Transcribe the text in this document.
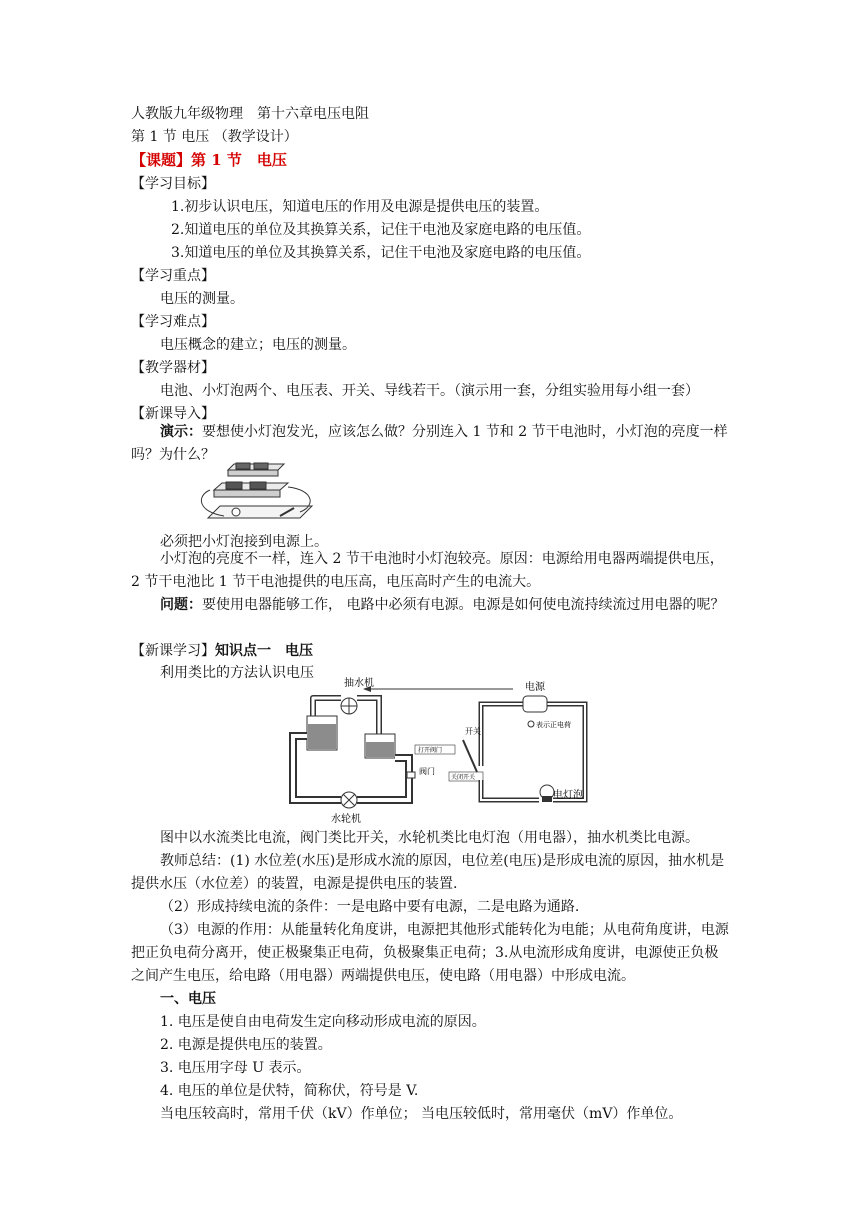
人教版九年级物理　第十六章电压电阻
第 1 节 电压 （教学设计）
【课题】第 1 节　电压
【学习目标】
1.初步认识电压，知道电压的作用及电源是提供电压的装置。
2.知道电压的单位及其换算关系，记住干电池及家庭电路的电压值。
3.知道电压的单位及其换算关系，记住干电池及家庭电路的电压值。
【学习重点】
电压的测量。
【学习难点】
电压概念的建立；电压的测量。
【教学器材】
电池、小灯泡两个、电压表、开关、导线若干。（演示用一套，分组实验用每小组一套）
【新课导入】
演示：要想使小灯泡发光，应该怎么做？分别连入 1 节和 2 节干电池时，小灯泡的亮度一样吗？为什么？
必须把小灯泡接到电源上。
小灯泡的亮度不一样，连入 2 节干电池时小灯泡较亮。原因：电源给用电器两端提供电压，2 节干电池比 1 节干电池提供的电压高，电压高时产生的电流大。
问题：要使用电器能够工作， 电路中必须有电源。电源是如何使电流持续流过用电器的呢？
【新课学习】知识点一　电压
利用类比的方法认识电压
抽水机
水轮机
阀门
打开阀门
关闭开关
电源
表示正电荷
开关
电灯泡
图中以水流类比电流，阀门类比开关，水轮机类比电灯泡（用电器），抽水机类比电源。
教师总结：(1) 水位差(水压)是形成水流的原因，电位差(电压)是形成电流的原因，抽水机是提供水压（水位差）的装置，电源是提供电压的装置.
（2）形成持续电流的条件：一是电路中要有电源，二是电路为通路.
（3）电源的作用：从能量转化角度讲，电源把其他形式能转化为电能；从电荷角度讲，电源把正负电荷分离开，使正极聚集正电荷，负极聚集正电荷；3.从电流形成角度讲，电源使正负极之间产生电压，给电路（用电器）两端提供电压，使电路（用电器）中形成电流。
一、电压
1. 电压是使自由电荷发生定向移动形成电流的原因。
2. 电源是提供电压的装置。
3. 电压用字母 U 表示。
4. 电压的单位是伏特，简称伏，符号是 V.
当电压较高时，常用千伏（kV）作单位； 当电压较低时，常用毫伏（mV）作单位。
